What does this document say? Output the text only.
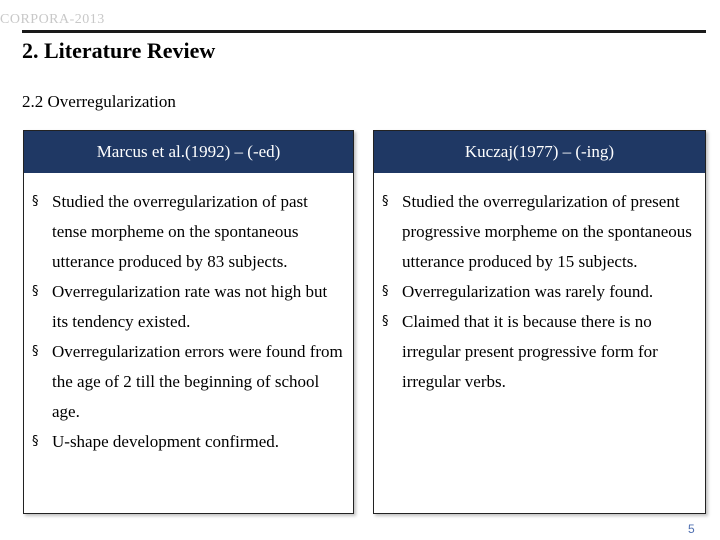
CORPORA-2013
2. Literature Review
2.2 Overregularization
Marcus et al.(1992) – (-ed)
§ Studied the overregularization of past tense morpheme on the spontaneous utterance produced by 83 subjects.
§ Overregularization rate was not high but its tendency existed.
§ Overregularization errors were found from the age of 2 till the beginning of school age.
§ U-shape development confirmed.
Kuczaj(1977) – (-ing)
§ Studied the overregularization of present progressive morpheme on the spontaneous utterance produced by 15 subjects.
§ Overregularization was rarely found.
§ Claimed that it is because there is no irregular present progressive form for irregular verbs.
5
